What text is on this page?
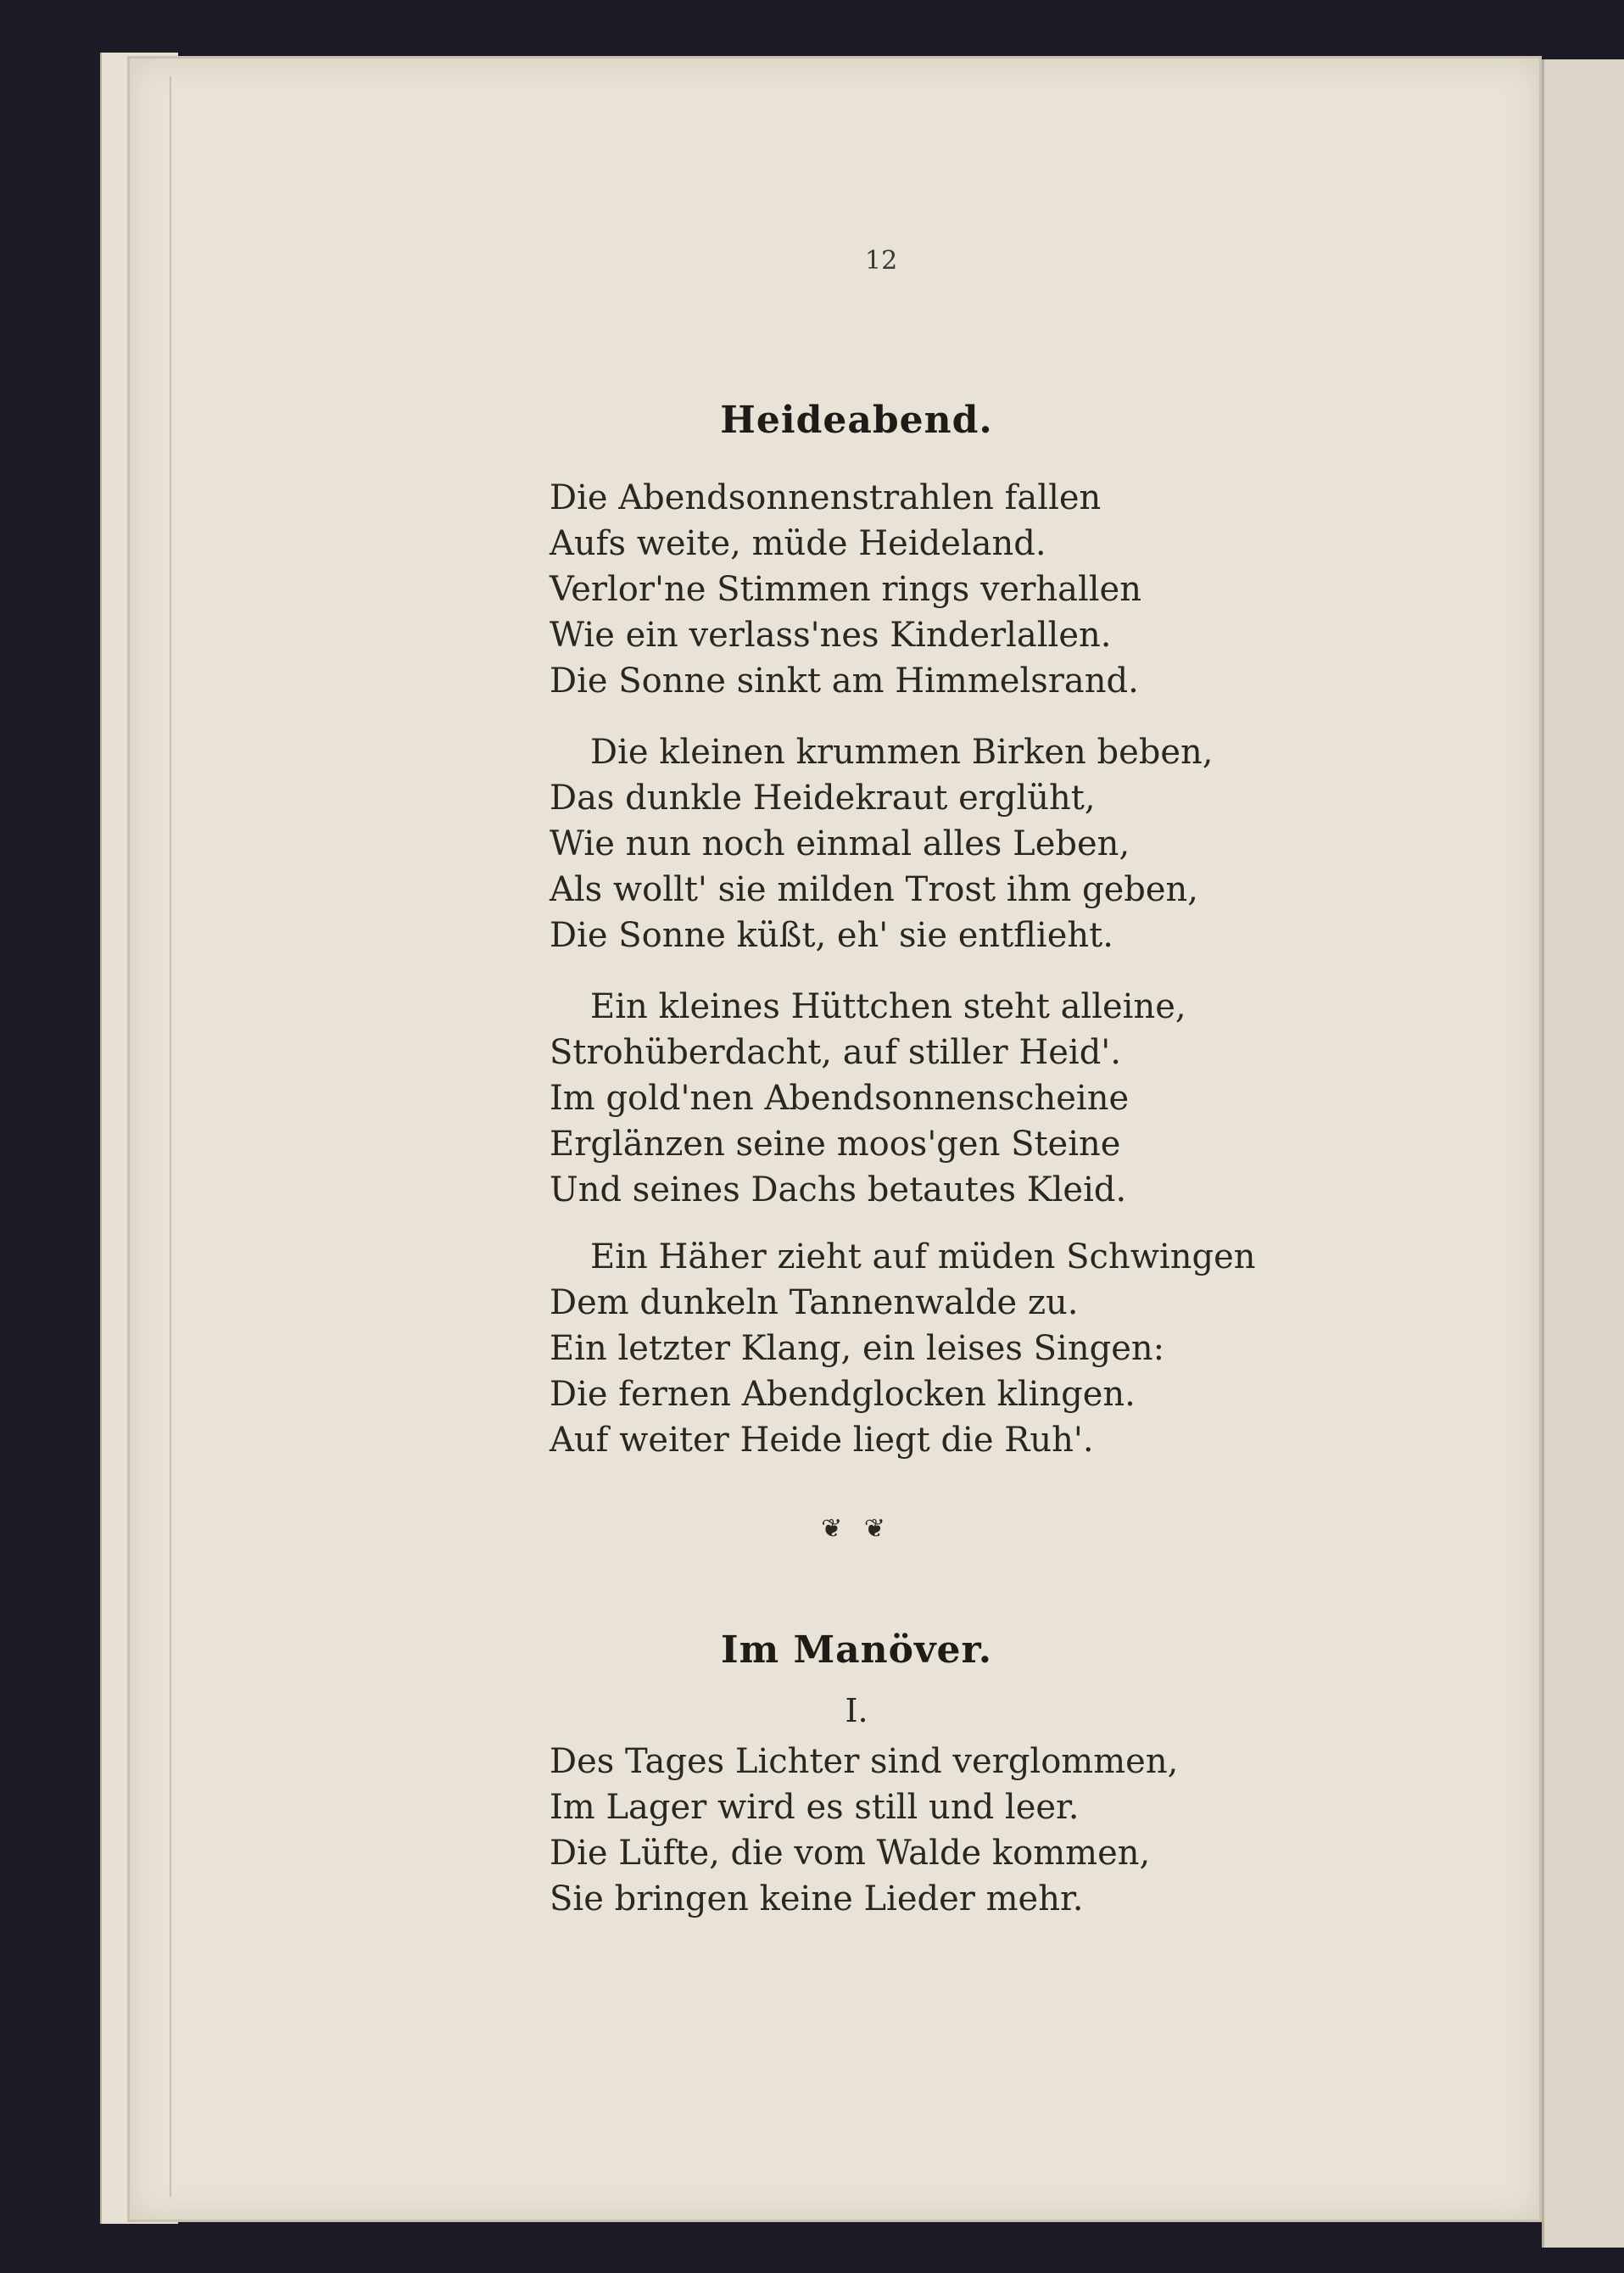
12
Heideabend.
Die Abendsonnenstrahlen fallen
Aufs weite, müde Heideland.
Verlor'ne Stimmen rings verhallen
Wie ein verlass'nes Kinderlallen.
Die Sonne sinkt am Himmelsrand.
Die kleinen krummen Birken beben,
Das dunkle Heidekraut erglüht,
Wie nun noch einmal alles Leben,
Als wollt' sie milden Trost ihm geben,
Die Sonne küßt, eh' sie entflieht.
Ein kleines Hüttchen steht alleine,
Strohüberdacht, auf stiller Heid'.
Im gold'nen Abendsonnenscheine
Erglänzen seine moos'gen Steine
Und seines Dachs betautes Kleid.
Ein Häher zieht auf müden Schwingen
Dem dunkeln Tannenwalde zu.
Ein letzter Klang, ein leises Singen:
Die fernen Abendglocken klingen.
Auf weiter Heide liegt die Ruh'.
❦ ❦
Im Manöver.
I.
Des Tages Lichter sind verglommen,
Im Lager wird es still und leer.
Die Lüfte, die vom Walde kommen,
Sie bringen keine Lieder mehr.
